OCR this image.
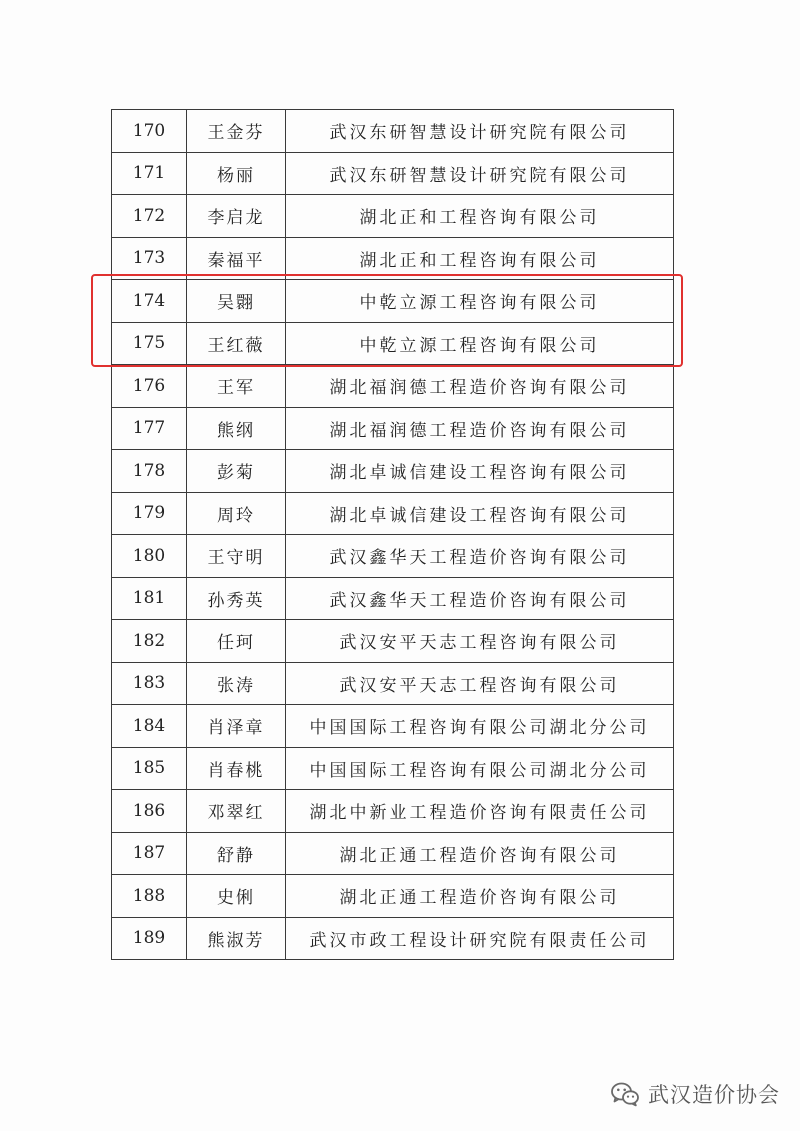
170	王金芬	武汉东研智慧设计研究院有限公司
171	杨丽	武汉东研智慧设计研究院有限公司
172	李启龙	湖北正和工程咨询有限公司
173	秦福平	湖北正和工程咨询有限公司
174	吴翾	中乾立源工程咨询有限公司
175	王红薇	中乾立源工程咨询有限公司
176	王军	湖北福润德工程造价咨询有限公司
177	熊纲	湖北福润德工程造价咨询有限公司
178	彭菊	湖北卓诚信建设工程咨询有限公司
179	周玲	湖北卓诚信建设工程咨询有限公司
180	王守明	武汉鑫华天工程造价咨询有限公司
181	孙秀英	武汉鑫华天工程造价咨询有限公司
182	任珂	武汉安平天志工程咨询有限公司
183	张涛	武汉安平天志工程咨询有限公司
184	肖泽章	中国国际工程咨询有限公司湖北分公司
185	肖春桃	中国国际工程咨询有限公司湖北分公司
186	邓翠红	湖北中新业工程造价咨询有限责任公司
187	舒静	湖北正通工程造价咨询有限公司
188	史俐	湖北正通工程造价咨询有限公司
189	熊淑芳	武汉市政工程设计研究院有限责任公司
武汉造价协会
